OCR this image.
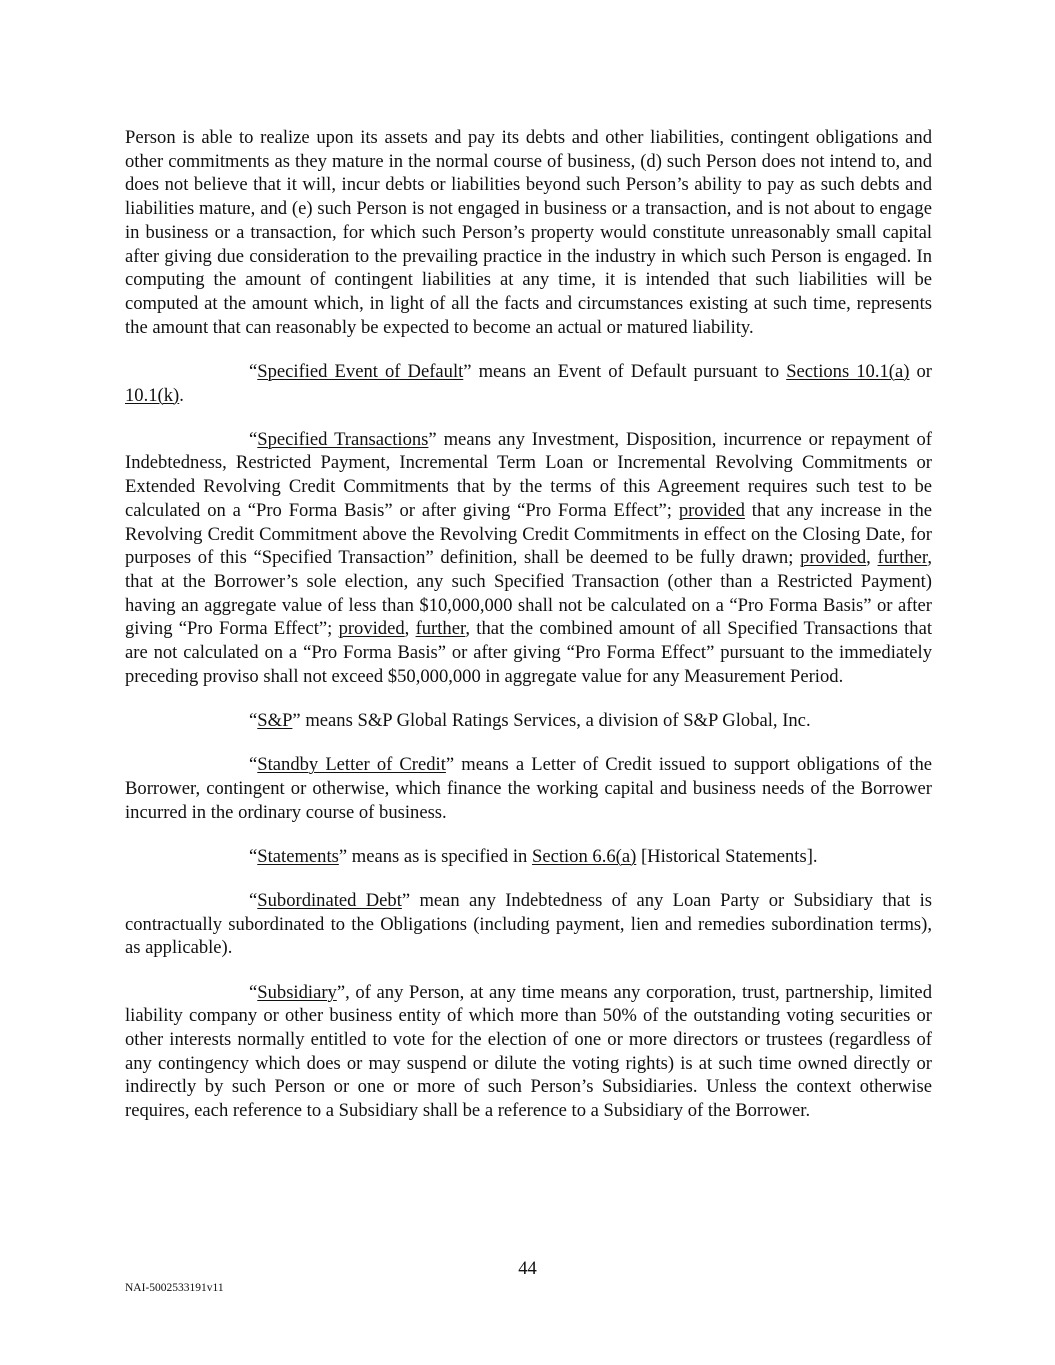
Person is able to realize upon its assets and pay its debts and other liabilities, contingent obligations and other commitments as they mature in the normal course of business, (d) such Person does not intend to, and does not believe that it will, incur debts or liabilities beyond such Person’s ability to pay as such debts and liabilities mature, and (e) such Person is not engaged in business or a transaction, and is not about to engage in business or a transaction, for which such Person’s property would constitute unreasonably small capital after giving due consideration to the prevailing practice in the industry in which such Person is engaged. In computing the amount of contingent liabilities at any time, it is intended that such liabilities will be computed at the amount which, in light of all the facts and circumstances existing at such time, represents the amount that can reasonably be expected to become an actual or matured liability.

“Specified Event of Default” means an Event of Default pursuant to Sections 10.1(a) or 10.1(k).

“Specified Transactions” means any Investment, Disposition, incurrence or repayment of Indebtedness, Restricted Payment, Incremental Term Loan or Incremental Revolving Commitments or Extended Revolving Credit Commitments that by the terms of this Agreement requires such test to be calculated on a “Pro Forma Basis” or after giving “Pro Forma Effect”; provided that any increase in the Revolving Credit Commitment above the Revolving Credit Commitments in effect on the Closing Date, for purposes of this “Specified Transaction” definition, shall be deemed to be fully drawn; provided, further, that at the Borrower’s sole election, any such Specified Transaction (other than a Restricted Payment) having an aggregate value of less than $10,000,000 shall not be calculated on a “Pro Forma Basis” or after giving “Pro Forma Effect”; provided, further, that the combined amount of all Specified Transactions that are not calculated on a “Pro Forma Basis” or after giving “Pro Forma Effect” pursuant to the immediately preceding proviso shall not exceed $50,000,000 in aggregate value for any Measurement Period.

“S&P” means S&P Global Ratings Services, a division of S&P Global, Inc.

“Standby Letter of Credit” means a Letter of Credit issued to support obligations of the Borrower, contingent or otherwise, which finance the working capital and business needs of the Borrower incurred in the ordinary course of business.

“Statements” means as is specified in Section 6.6(a) [Historical Statements].

“Subordinated Debt” mean any Indebtedness of any Loan Party or Subsidiary that is contractually subordinated to the Obligations (including payment, lien and remedies subordination terms), as applicable).

“Subsidiary”, of any Person, at any time means any corporation, trust, partnership, limited liability company or other business entity of which more than 50% of the outstanding voting securities or other interests normally entitled to vote for the election of one or more directors or trustees (regardless of any contingency which does or may suspend or dilute the voting rights) is at such time owned directly or indirectly by such Person or one or more of such Person’s Subsidiaries. Unless the context otherwise requires, each reference to a Subsidiary shall be a reference to a Subsidiary of the Borrower.

44
NAI-5002533191v11
